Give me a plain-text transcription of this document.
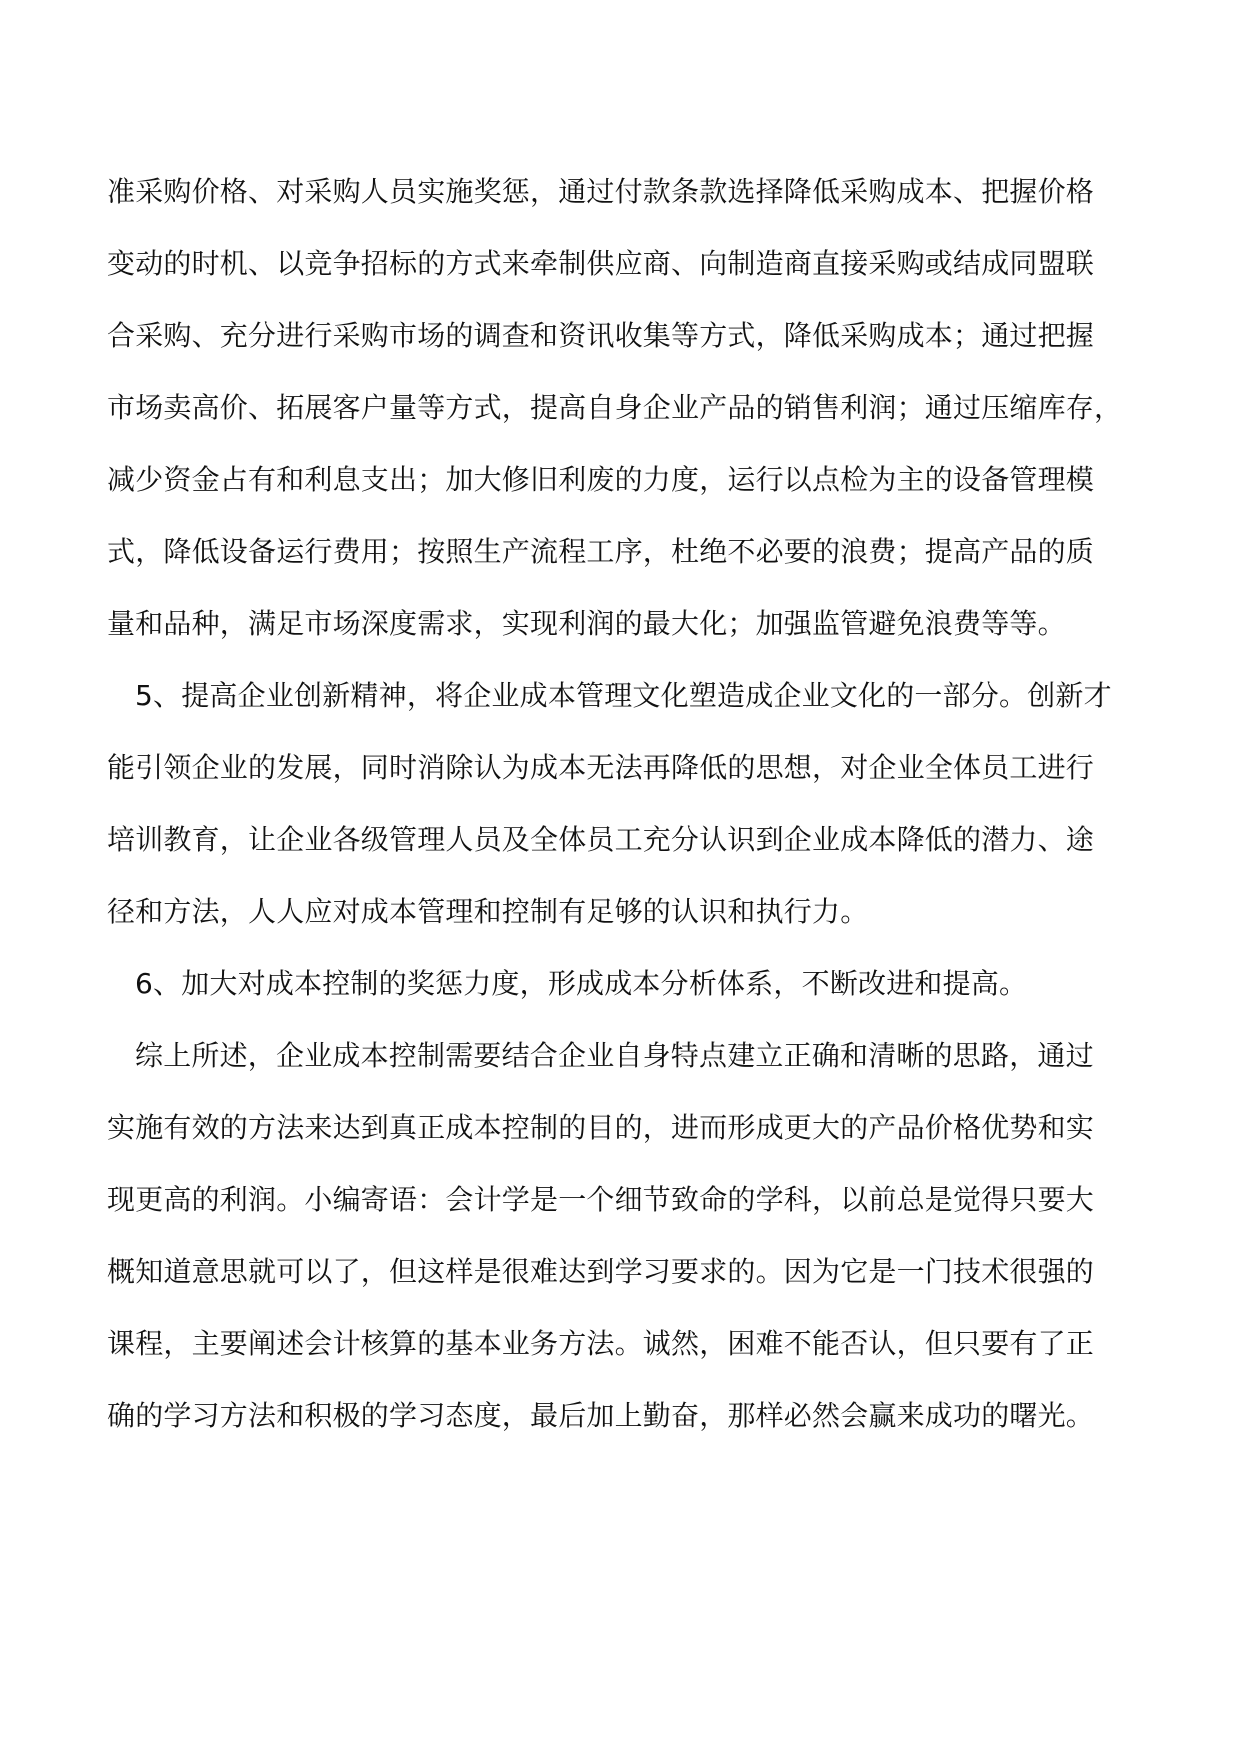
准采购价格、对采购人员实施奖惩，通过付款条款选择降低采购成本、把握价格

变动的时机、以竞争招标的方式来牵制供应商、向制造商直接采购或结成同盟联

合采购、充分进行采购市场的调查和资讯收集等方式，降低采购成本；通过把握

市场卖高价、拓展客户量等方式，提高自身企业产品的销售利润；通过压缩库存，

减少资金占有和利息支出；加大修旧利废的力度，运行以点检为主的设备管理模

式，降低设备运行费用；按照生产流程工序，杜绝不必要的浪费；提高产品的质

量和品种，满足市场深度需求，实现利润的最大化；加强监管避免浪费等等。

5、提高企业创新精神，将企业成本管理文化塑造成企业文化的一部分。创新才

能引领企业的发展，同时消除认为成本无法再降低的思想，对企业全体员工进行

培训教育，让企业各级管理人员及全体员工充分认识到企业成本降低的潜力、途

径和方法，人人应对成本管理和控制有足够的认识和执行力。

6、加大对成本控制的奖惩力度，形成成本分析体系，不断改进和提高。

综上所述，企业成本控制需要结合企业自身特点建立正确和清晰的思路，通过

实施有效的方法来达到真正成本控制的目的，进而形成更大的产品价格优势和实

现更高的利润。小编寄语：会计学是一个细节致命的学科，以前总是觉得只要大

概知道意思就可以了，但这样是很难达到学习要求的。因为它是一门技术很强的

课程，主要阐述会计核算的基本业务方法。诚然，困难不能否认，但只要有了正

确的学习方法和积极的学习态度，最后加上勤奋，那样必然会赢来成功的曙光。
